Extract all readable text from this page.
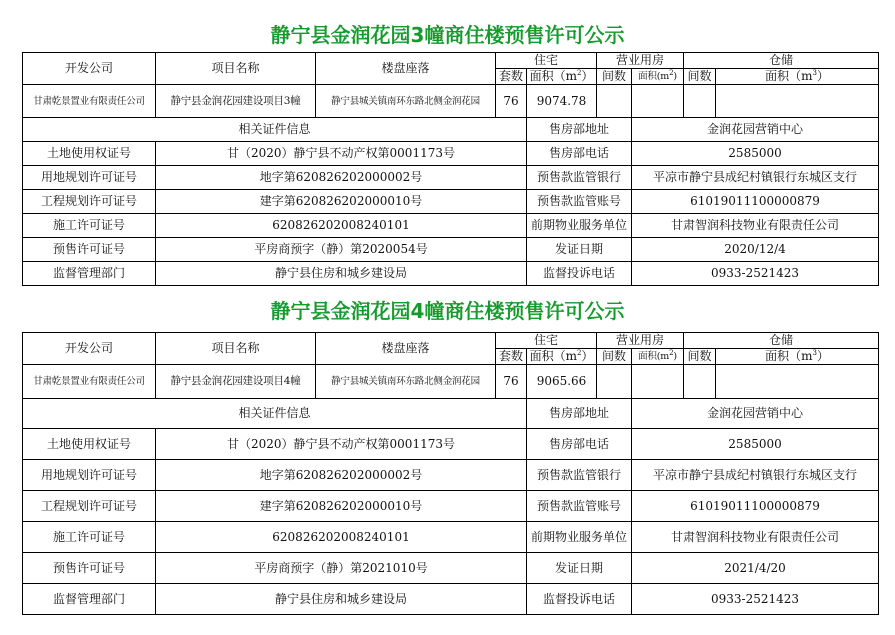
静宁县金润花园3幢商住楼预售许可公示
开发公司	项目名称	楼盘座落	住宅		营业用房		仓储	
			套数	面积$(m^2)$	间数	面积$(m^2)$	间数	面积$(m^3)$
甘肃乾景置业有限责任公司	静宁县金润花园建设项目3幢	静宁县城关镇南环东路北侧金润花园	76	9074.78				
相关证件信息				售房部地址		金润花园营销中心		
土地使用权证号	甘（2020）静宁县不动产权第0001173号			售房部电话		2585000		
用地规划许可证号	地字第620826202000002号			预售款监管银行		平凉市静宁县成纪村镇银行东城区支行		
工程规划许可证号	建字第620826202000010号			预售款监管账号		61019011100000879		
施工许可证号	620826202008240101			前期物业服务单位		甘肃智润科技物业有限责任公司		
预售许可证号	平房商预字（静）第2020054号			发证日期		2020/12/4		
监督管理部门	静宁县住房和城乡建设局			监督投诉电话		0933-2521423		
静宁县金润花园4幢商住楼预售许可公示
开发公司	项目名称	楼盘座落	住宅		营业用房		仓储	
			套数	面积$(m^2)$	间数	面积$(m^2)$	间数	面积$(m^3)$
甘肃乾景置业有限责任公司	静宁县金润花园建设项目4幢	静宁县城关镇南环东路北侧金润花园	76	9065.66				
相关证件信息				售房部地址		金润花园营销中心		
土地使用权证号	甘（2020）静宁县不动产权第0001173号			售房部电话		2585000		
用地规划许可证号	地字第620826202000002号			预售款监管银行		平凉市静宁县成纪村镇银行东城区支行		
工程规划许可证号	建字第620826202000010号			预售款监管账号		61019011100000879		
施工许可证号	620826202008240101			前期物业服务单位		甘肃智润科技物业有限责任公司		
预售许可证号	平房商预字（静）第2021010号			发证日期		2021/4/20		
监督管理部门	静宁县住房和城乡建设局			监督投诉电话		0933-2521423		
